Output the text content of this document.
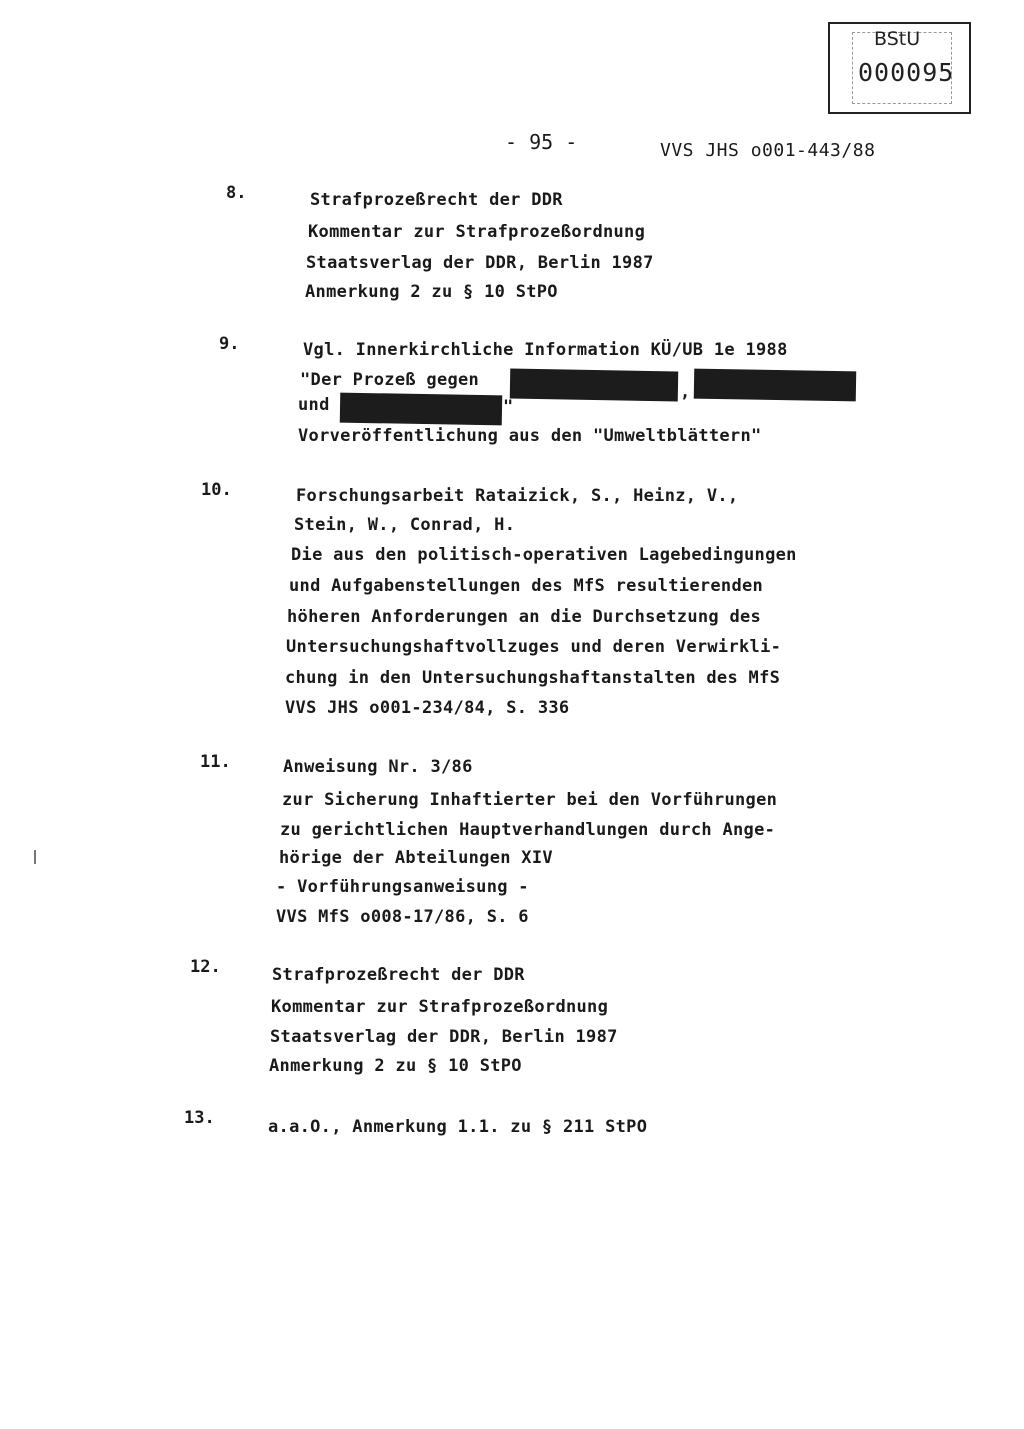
BStU
000095
- 95 -	VVS JHS o001-443/88
8.	Strafprozeßrecht der DDR
Kommentar zur Strafprozeßordnung
Staatsverlag der DDR, Berlin 1987
Anmerkung 2 zu § 10 StPO
9.	Vgl. Innerkirchliche Information KÜ/UB 1e 1988
"Der Prozeß gegen
,
und	"
Vorveröffentlichung aus den "Umweltblättern"
10.	Forschungsarbeit Rataizick, S., Heinz, V.,
Stein, W., Conrad, H.
Die aus den politisch-operativen Lagebedingungen
und Aufgabenstellungen des MfS resultierenden
höheren Anforderungen an die Durchsetzung des
Untersuchungshaftvollzuges und deren Verwirkli-
chung in den Untersuchungshaftanstalten des MfS
VVS JHS o001-234/84, S. 336
11.	Anweisung Nr. 3/86
zur Sicherung Inhaftierter bei den Vorführungen
zu gerichtlichen Hauptverhandlungen durch Ange-
hörige der Abteilungen XIV
- Vorführungsanweisung -
VVS MfS o008-17/86, S. 6
12.	Strafprozeßrecht der DDR
Kommentar zur Strafprozeßordnung
Staatsverlag der DDR, Berlin 1987
Anmerkung 2 zu § 10 StPO
13.	a.a.O., Anmerkung 1.1. zu § 211 StPO
